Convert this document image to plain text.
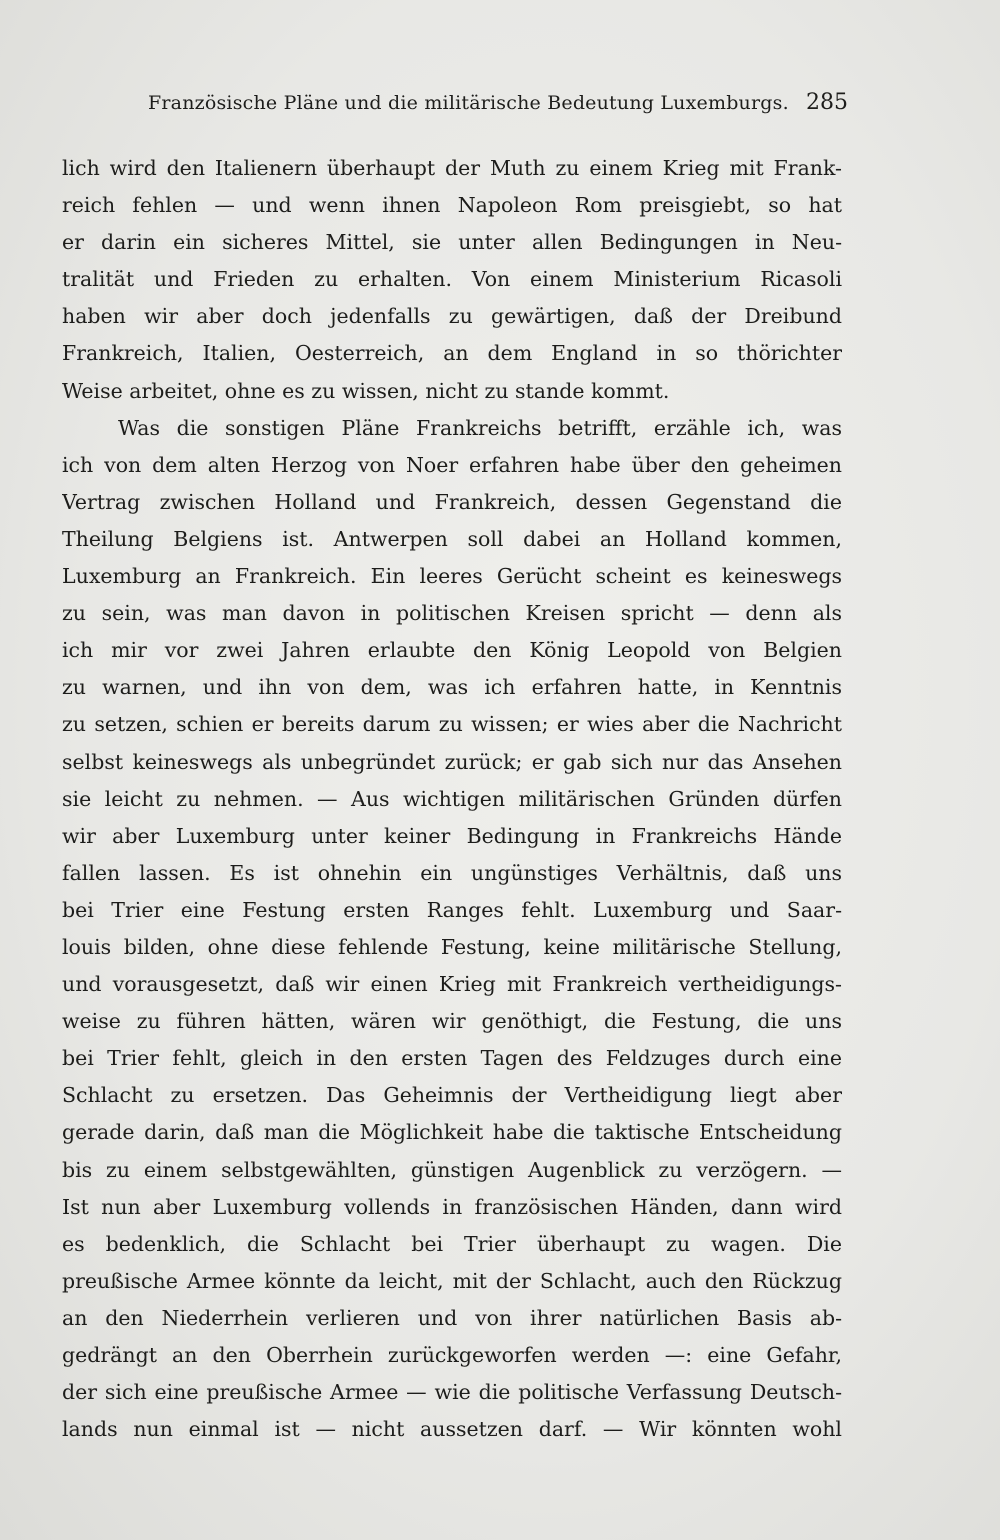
Französische Pläne und die militärische Bedeutung Luxemburgs. 285
lich wird den Italienern überhaupt der Muth zu einem Krieg mit Frank-
reich fehlen — und wenn ihnen Napoleon Rom preisgiebt, so hat
er darin ein sicheres Mittel, sie unter allen Bedingungen in Neu-
tralität und Frieden zu erhalten. Von einem Ministerium Ricasoli
haben wir aber doch jedenfalls zu gewärtigen, daß der Dreibund
Frankreich, Italien, Oesterreich, an dem England in so thörichter
Weise arbeitet, ohne es zu wissen, nicht zu stande kommt.
Was die sonstigen Pläne Frankreichs betrifft, erzähle ich, was
ich von dem alten Herzog von Noer erfahren habe über den geheimen
Vertrag zwischen Holland und Frankreich, dessen Gegenstand die
Theilung Belgiens ist. Antwerpen soll dabei an Holland kommen,
Luxemburg an Frankreich. Ein leeres Gerücht scheint es keineswegs
zu sein, was man davon in politischen Kreisen spricht — denn als
ich mir vor zwei Jahren erlaubte den König Leopold von Belgien
zu warnen, und ihn von dem, was ich erfahren hatte, in Kenntnis
zu setzen, schien er bereits darum zu wissen; er wies aber die Nachricht
selbst keineswegs als unbegründet zurück; er gab sich nur das Ansehen
sie leicht zu nehmen. — Aus wichtigen militärischen Gründen dürfen
wir aber Luxemburg unter keiner Bedingung in Frankreichs Hände
fallen lassen. Es ist ohnehin ein ungünstiges Verhältnis, daß uns
bei Trier eine Festung ersten Ranges fehlt. Luxemburg und Saar-
louis bilden, ohne diese fehlende Festung, keine militärische Stellung,
und vorausgesetzt, daß wir einen Krieg mit Frankreich vertheidigungs-
weise zu führen hätten, wären wir genöthigt, die Festung, die uns
bei Trier fehlt, gleich in den ersten Tagen des Feldzuges durch eine
Schlacht zu ersetzen. Das Geheimnis der Vertheidigung liegt aber
gerade darin, daß man die Möglichkeit habe die taktische Entscheidung
bis zu einem selbstgewählten, günstigen Augenblick zu verzögern. —
Ist nun aber Luxemburg vollends in französischen Händen, dann wird
es bedenklich, die Schlacht bei Trier überhaupt zu wagen. Die
preußische Armee könnte da leicht, mit der Schlacht, auch den Rückzug
an den Niederrhein verlieren und von ihrer natürlichen Basis ab-
gedrängt an den Oberrhein zurückgeworfen werden —: eine Gefahr,
der sich eine preußische Armee — wie die politische Verfassung Deutsch-
lands nun einmal ist — nicht aussetzen darf. — Wir könnten wohl
